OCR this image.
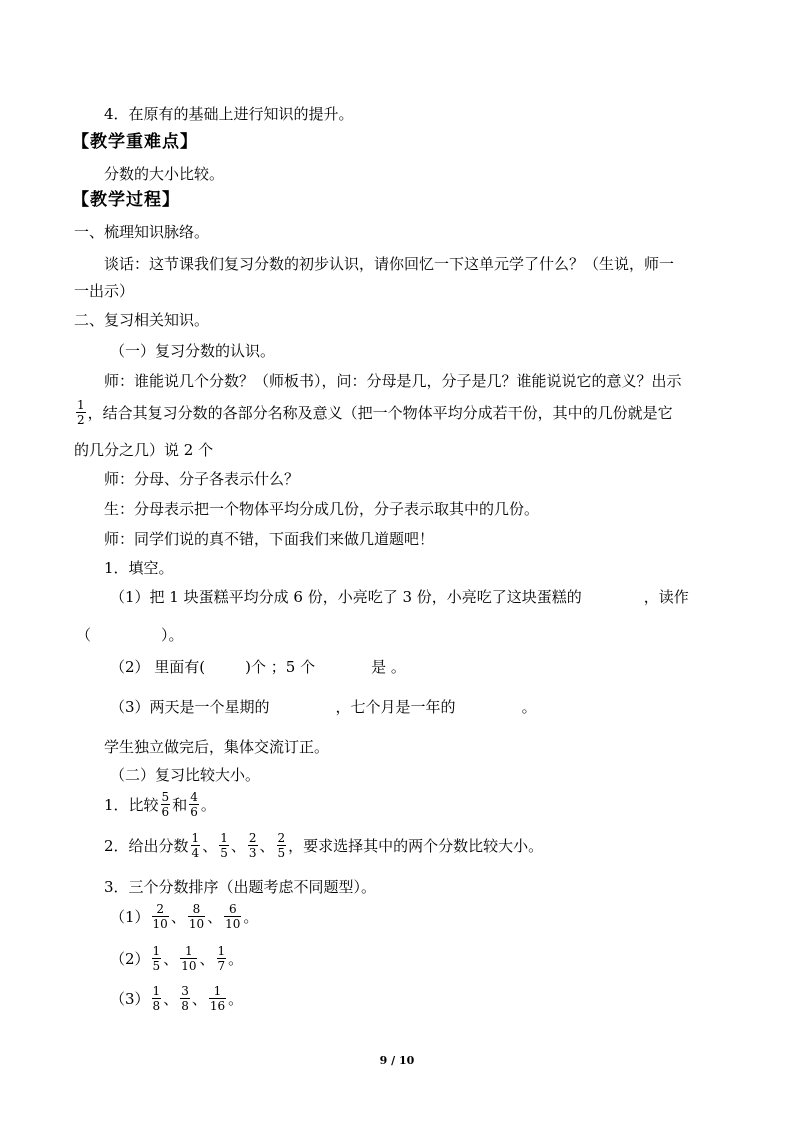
4．在原有的基础上进行知识的提升。
【教学重难点】
分数的大小比较。
【教学过程】
一、梳理知识脉络。
谈话：这节课我们复习分数的初步认识，请你回忆一下这单元学了什么？（生说，师一
一出示）
二、复习相关知识。
（一）复习分数的认识。
师：谁能说几个分数？（师板书），问：分母是几，分子是几？谁能说说它的意义？出示
$\frac{1}{2}$ ，结合其复习分数的各部分名称及意义（把一个物体平均分成若干份，其中的几份就是它
的几分之几）说 2 个
师：分母、分子各表示什么？
生：分母表示把一个物体平均分成几份，分子表示取其中的几份。
师：同学们说的真不错，下面我们来做几道题吧！
1．填空。
（1）把 1 块蛋糕平均分成 6 份，小亮吃了 3 份，小亮吃了这块蛋糕的	，读作
（	）。
（2） 里面有(	)个 ；5 个	是 。
（3）两天是一个星期的	，七个月是一年的	。
学生独立做完后，集体交流订正。
（二）复习比较大小。
1．比较 $\frac{5}{6}$ 和 $\frac{4}{6}$ 。
2．给出分数 $\frac{1}{4}$ 、 $\frac{1}{5}$ 、 $\frac{2}{3}$ 、 $\frac{2}{5}$ ，要求选择其中的两个分数比较大小。
3．三个分数排序（出题考虑不同题型）。
$(1) \frac{2}{10}$ 、 $\frac{8}{10}$ 、 $\frac{6}{10}$ 。
$(2) \frac{1}{5}$ 、 $\frac{1}{10}$ 、 $\frac{1}{7}$ 。
$(3) \frac{1}{8}$ 、 $\frac{3}{8}$ 、 $\frac{1}{16}$ 。
9 / 10
